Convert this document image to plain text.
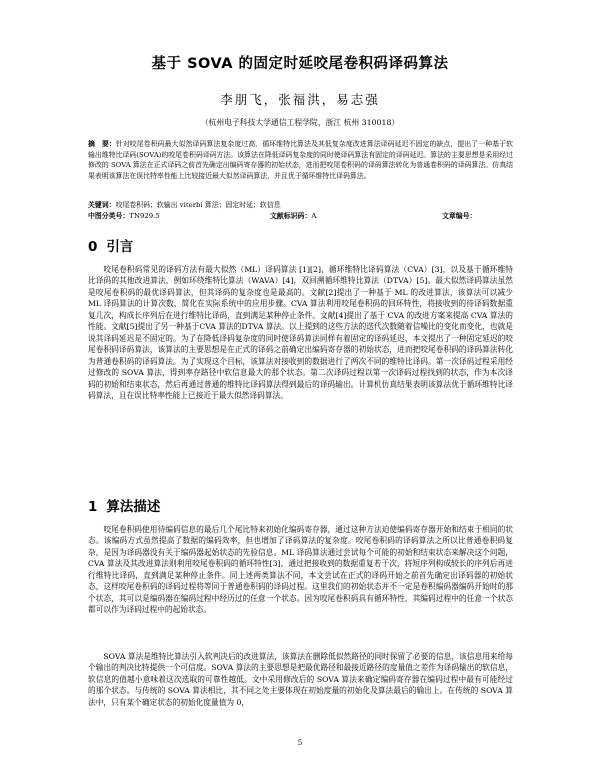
基于 SOVA 的固定时延咬尾卷积码译码算法
李朋飞，张福洪，易志强
（杭州电子科技大学通信工程学院，浙江 杭州 310018）
摘　要：针对咬尾卷积码最大似然译码算法复杂度过高、循环维特比算法及其低复杂度改进算法译码延迟不固定的缺点，提出了一种基于软输出维特比译码(SOVA)的咬尾卷积码译码方法。该算法在降低译码复杂度的同时使译码算法有固定的译码延迟。算法的主要思想是采用经过修改的 SOVA 算法在正式译码之前首先确定出编码寄存器的初始状态，进而把咬尾卷积码的译码算法转化为普通卷积码的译码算法。仿真结果表明该算法在误比特率性能上比较接近最大似然译码算法，并且优于循环维特比译码算法。
关键词：咬尾卷积码；软输出 viterbi 算法；固定时延；软信息
中图分类号：TN929.5	文献标识码：A	文章编号：
0 引言
咬尾卷积码常见的译码方法有最大似然（ML）译码算法 [1][2]，循环维特比译码算法（CVA）[3]，以及基于循环维特比译码的其他改进算法，例如环绕维特比算法（WAVA）[4]，双回溯循环维特比算法（DTVA）[5]。最大似然译码算法虽然是咬尾卷积码的最优译码算法，但其译码的复杂度也是最高的。文献[2]提出了一种基于 ML 的改进算法，该算法可以减少 ML 译码算法的计算次数，简化在实际系统中的应用步骤。CVA 算法利用咬尾卷积码的回环特性，将接收到的待译码数据重复几次，构成长序列后在进行维特比译码，直到满足某种停止条件。文献[4]提出了基于 CVA 的改进方案来提高 CVA 算法的性能。文献[5]提出了另一种基于CVA 算法的DTVA 算法。以上提到的这些方法的迭代次数随着信噪比的变化而变化，也就是说其译码延迟是不固定的。为了在降低译码复杂度的同时使译码算法同样有着固定的译码延迟，本文提出了一种固定延迟的咬尾卷积码译码算法，该算法的主要思想是在正式的译码之前确定出编码寄存器的初始状态，进而把咬尾卷积码的译码算法转化为普通卷积码的译码算法。为了实现这个目标，该算法对接收到的数据进行了两次不同的维特比译码。第一次译码过程采用经过修改的 SOVA 算法，得到率存路径中软信息最大的那个状态。第二次译码过程以第一次译码过程找到的状态，作为本次译码的初始和结束状态，然后再通过普通的维特比译码算法得到最后的译码输出。计算机仿真结果表明该算法优于循环维特比译码算法，且在误比特率性能上已接近于最大似然译码算法。
1 算法描述
咬尾卷积码使用待编码信息的最后几个尾比特来初始化编码寄存器，通过这种方法迫使编码寄存器开始和结束于相同的状态。该编码方式虽然提高了数据的编码效率，但也增加了译码算法的复杂度。咬尾卷积码的译码算法之所以比普通卷积码复杂，是因为译码器没有关于编码器起始状态的先验信息。ML 译码算法通过尝试每个可能的初始和结束状态来解决这个问题，CVA 算法及其改进算法则利用咬尾卷积码的循环特性[3]，通过把接收到的数据重复若干次，将短序列构成较长的序列后再进行维特比译码，直到满足某种停止条件。同上述两类算法不同，本文尝试在正式的译码开始之前首先确定出译码器的初始状态，这样咬尾卷积码的译码过程将等同于普通卷积码的译码过程。这里我们的初始状态并不一定是卷积编码器编码开始时的那个状态，其可以是编码器在编码过程中经历过的任意一个状态。因为咬尾卷积码具有循环特性，其编码过程中的任意一个状态都可以作为译码过程中的起始状态。
SOVA 算法是维特比算法引入软判决后的改进算法，该算法在删除低似然路径的同时保留了必要的信息，该信息用来给每个输出的判决比特提供一个可信度。SOVA 算法的主要思想是把最优路径和最接近路径的度量值之差作为译码输出的软信息，软信息的值越小意味着这次选取的可靠性越低。文中采用修改后的 SOVA 算法来确定编码寄存器在编码过程中最有可能经过的那个状态。与传统的 SOVA 算法相比，其不同之处主要体现在初始度量的初始化及算法最后的输出上。在传统的 SOVA 算法中，只有某个确定状态的初始化度量值为 0，
5
